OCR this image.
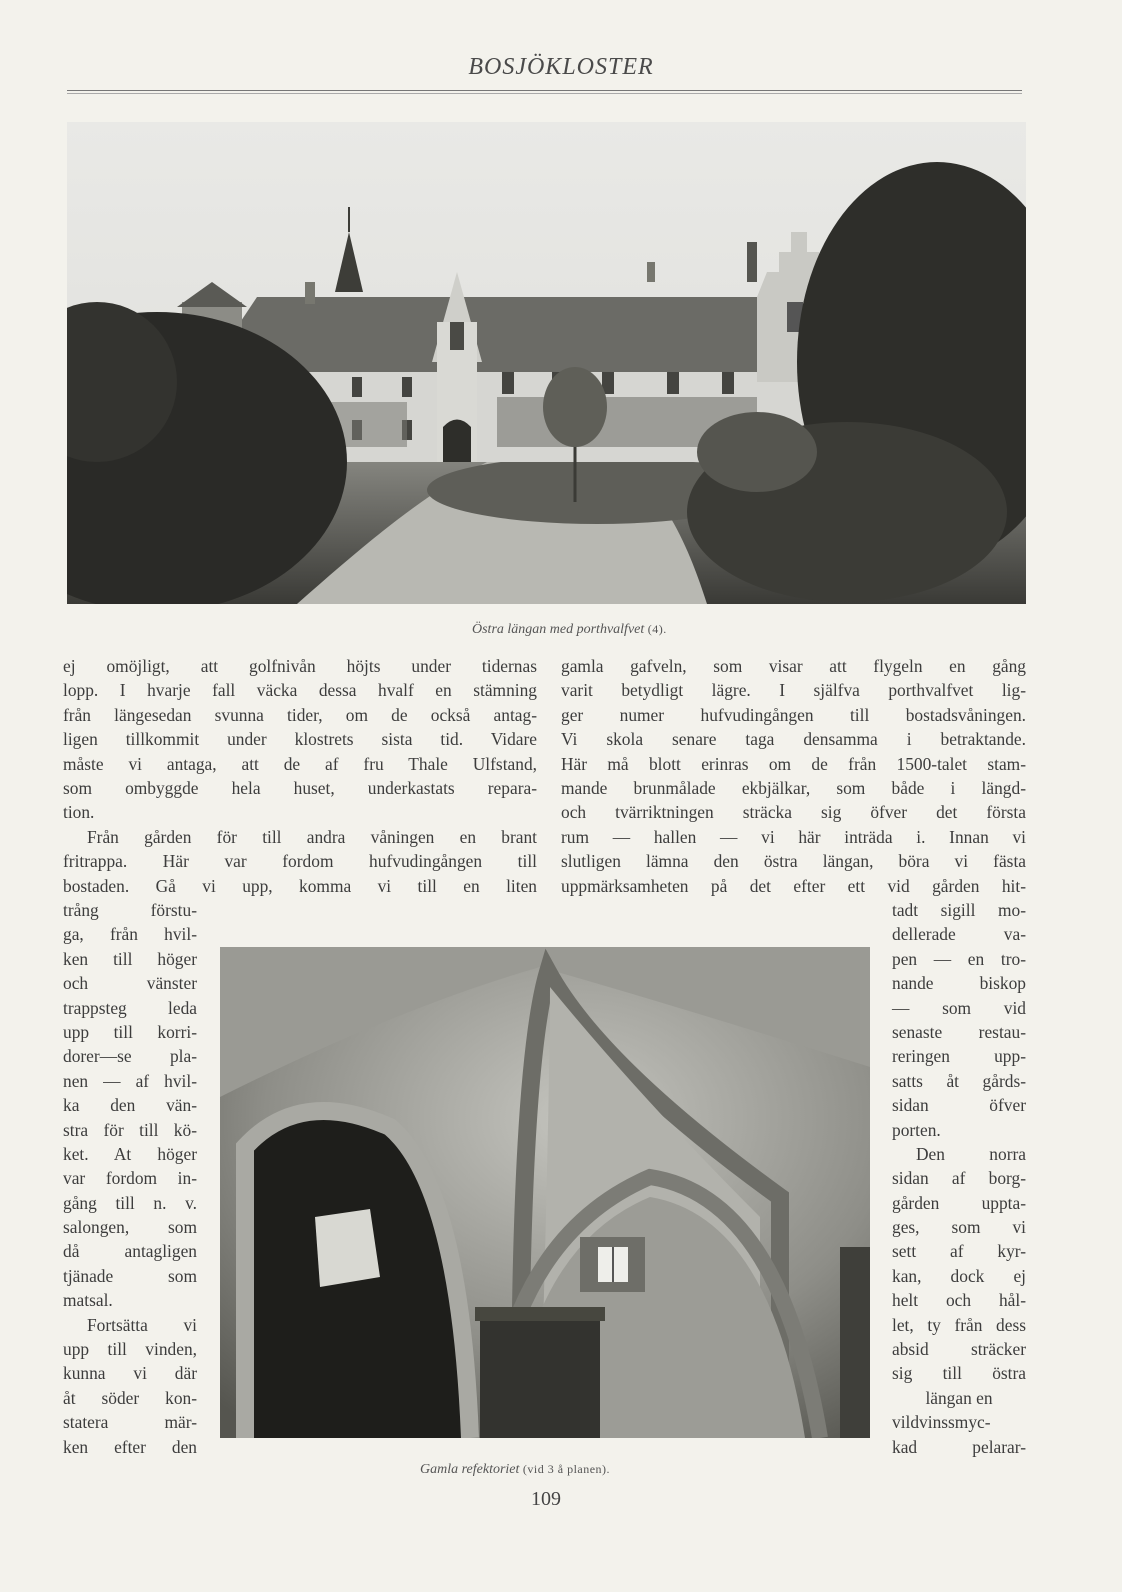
BOSJÖKLOSTER
Östra längan med porthvalfvet (4).
ej omöjligt, att golfnivån höjts under tidernas
lopp. I hvarje fall väcka dessa hvalf en stämning
från längesedan svunna tider, om de också antag-
ligen tillkommit under klostrets sista tid. Vidare
måste vi antaga, att de af fru Thale Ulfstand,
som ombyggde hela huset, underkastats repara-
tion.
Från gården för till andra våningen en brant
fritrappa. Här var fordom hufvudingången till
bostaden. Gå vi upp, komma vi till en liten
gamla gafveln, som visar att flygeln en gång
varit betydligt lägre. I själfva porthvalfvet lig-
ger numer hufvudingången till bostadsvåningen.
Vi skola senare taga densamma i betraktande.
Här må blott erinras om de från 1500-talet stam-
mande brunmålade ekbjälkar, som både i längd-
och tvärriktningen sträcka sig öfver det första
rum — hallen — vi här inträda i. Innan vi
slutligen lämna den östra längan, böra vi fästa
uppmärksamheten på det efter ett vid gården hit-
trång förstu-
ga, från hvil-
ken till höger
och vänster
trappsteg leda
upp till korri-
dorer—se pla-
nen — af hvil-
ka den vän-
stra för till kö-
ket. At höger
var fordom in-
gång till n. v.
salongen, som
då antagligen
tjänade som
matsal.
Fortsätta vi
upp till vinden,
kunna vi där
åt söder kon-
statera mär-
ken efter den
Gamla refektoriet (vid 3 å planen).
tadt sigill mo-
dellerade va-
pen — en tro-
nande biskop
— som vid
senaste restau-
reringen upp-
satts åt gårds-
sidan öfver
porten.
Den norra
sidan af borg-
gården uppta-
ges, som vi
sett af kyr-
kan, dock ej
helt och hål-
let, ty från dess
absid sträcker
sig till östra
längan en
vildvinssmyc-
kad pelarar-
109
